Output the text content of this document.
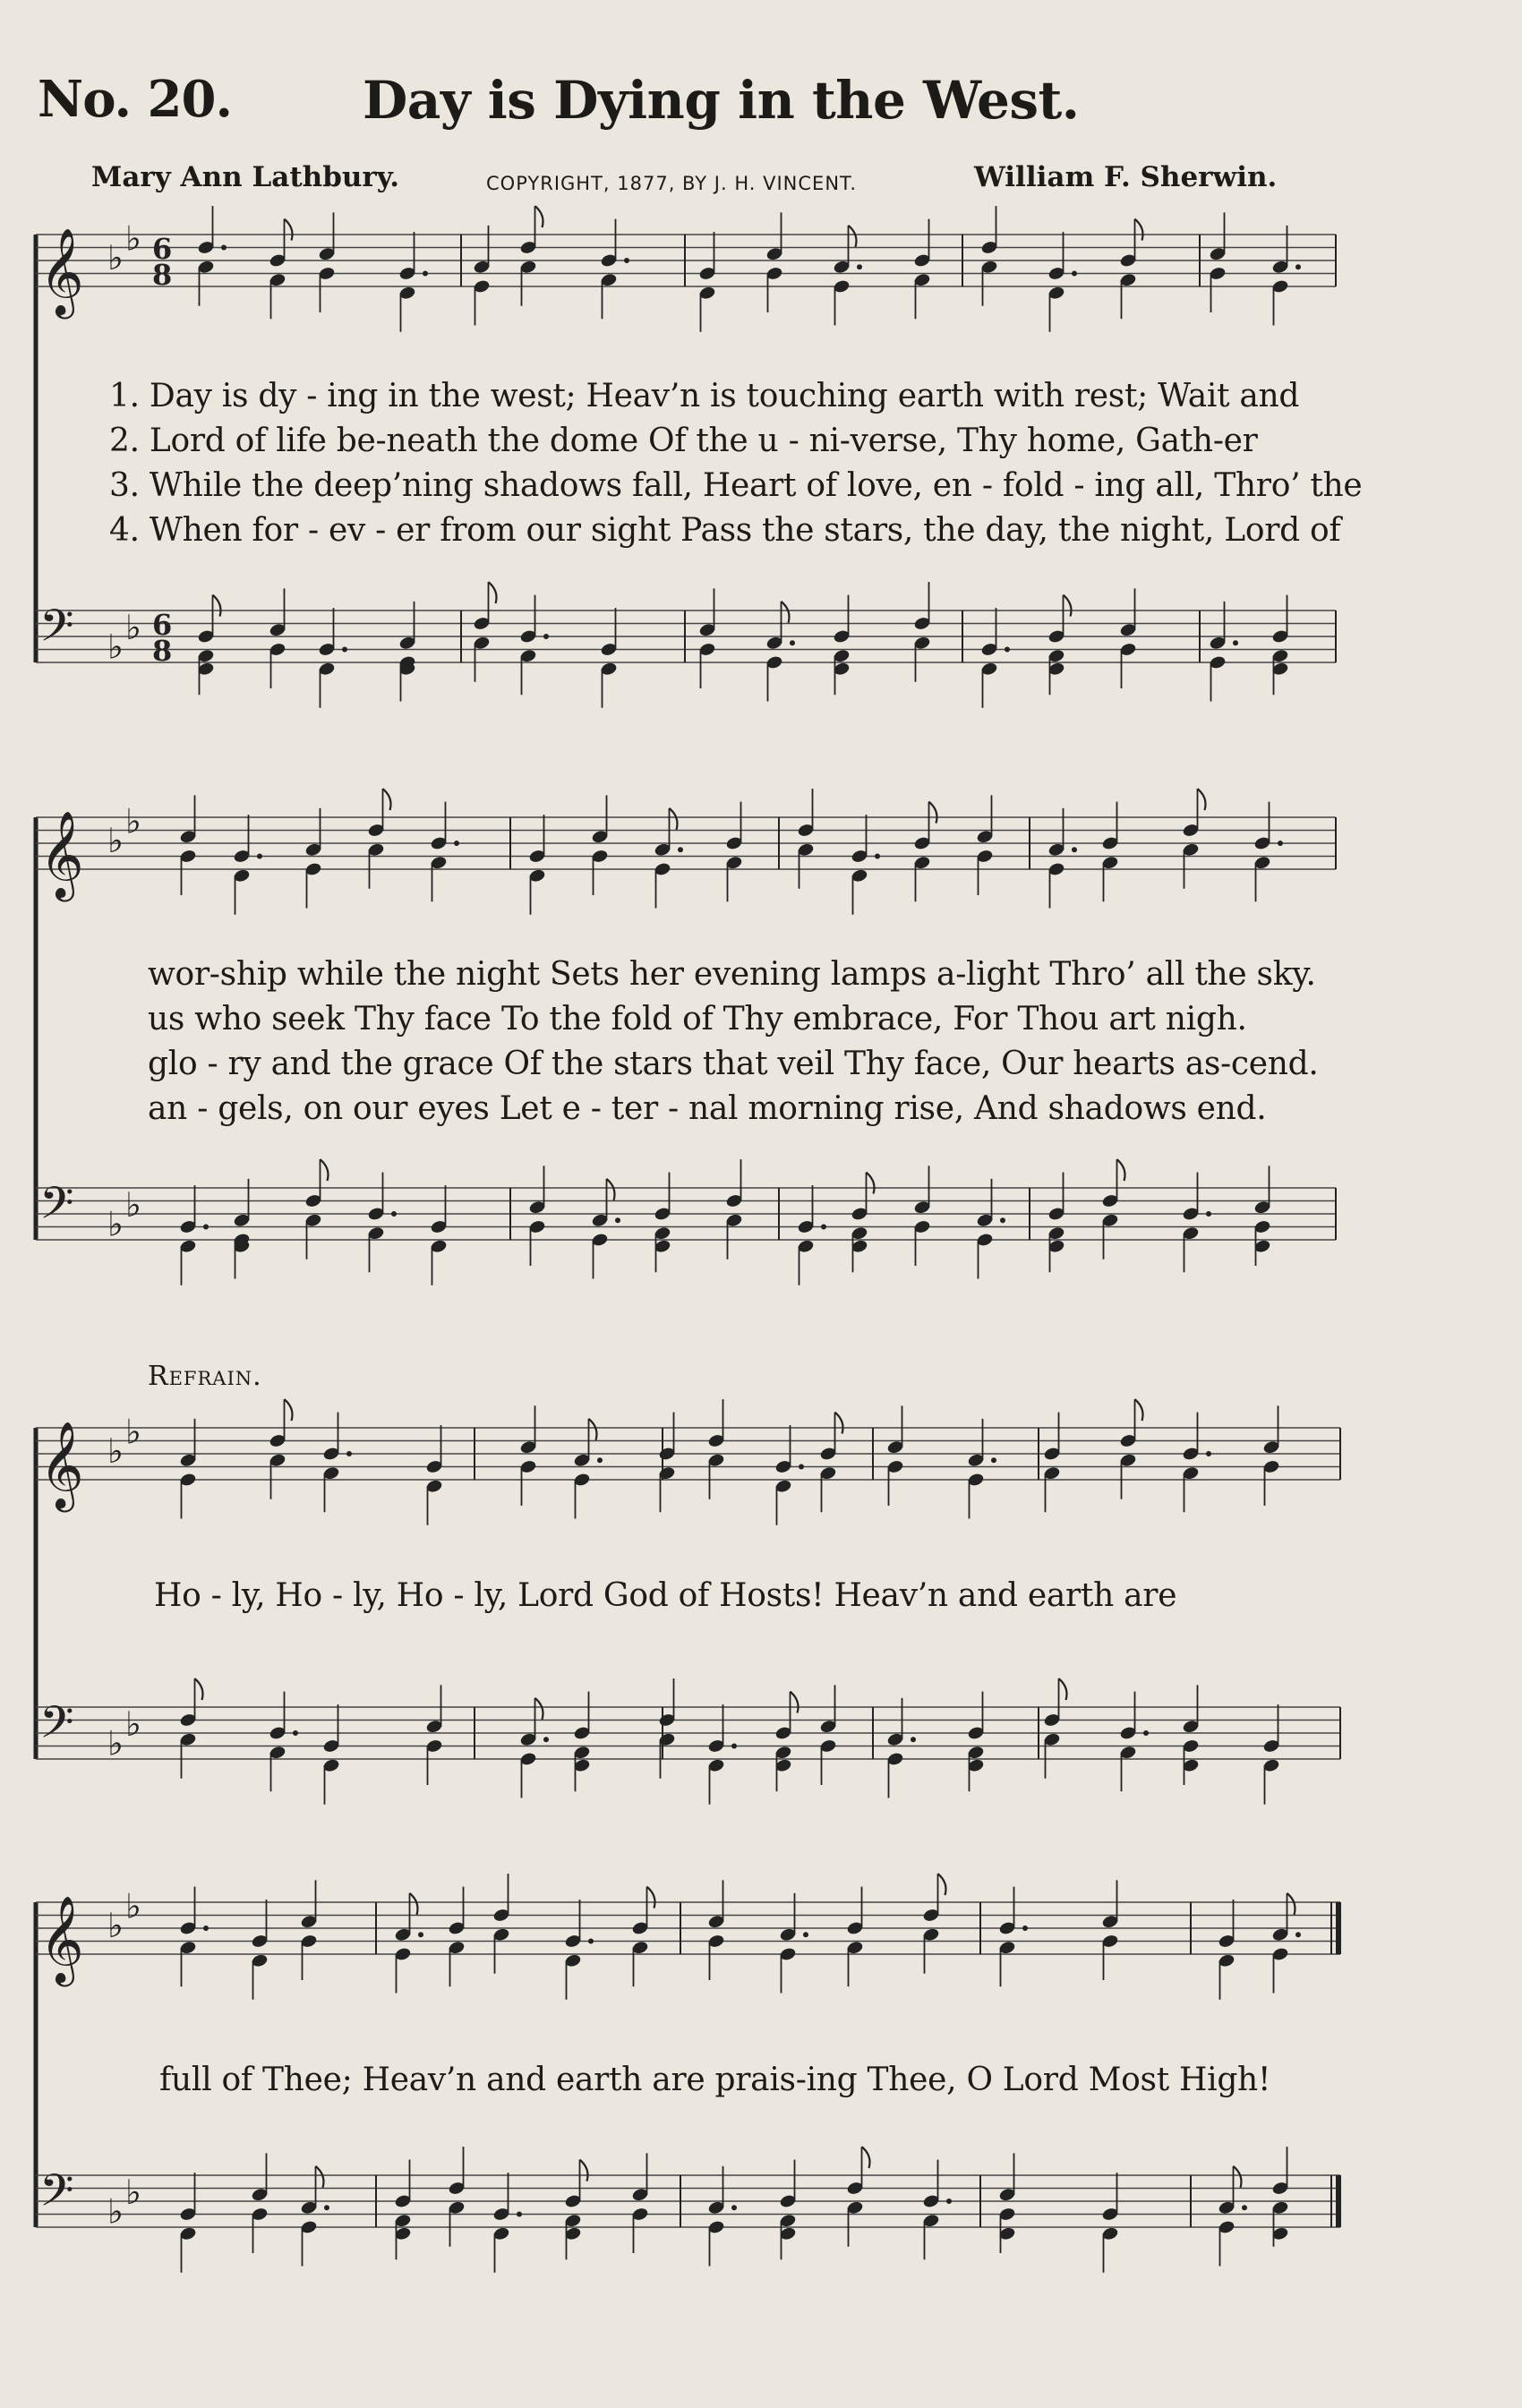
No. 20.	Day is Dying in the West.
Mary Ann Lathbury.	COPYRIGHT, 1877, BY J. H. VINCENT.	William F. Sherwin.
1. Day is dy - ing in the west; Heav’n is touching earth with rest; Wait and
2. Lord of life be-neath the dome Of the u - ni-verse, Thy home, Gath-er
3. While the deep’ning shadows fall, Heart of love, en - fold - ing all, Thro’ the
4. When for - ev - er from our sight Pass the stars, the day, the night, Lord of
wor-ship while the night Sets her evening lamps a-light Thro’ all the sky.
us who seek Thy face To the fold of Thy embrace, For Thou art nigh.
glo - ry and the grace Of the stars that veil Thy face, Our hearts as-cend.
an - gels, on our eyes Let e - ter - nal morning rise, And shadows end.
Refrain.
Ho - ly, Ho - ly, Ho - ly, Lord God of Hosts! Heav’n and earth are
full of Thee; Heav’n and earth are prais-ing Thee, O Lord Most High!
𝄞 ♭ ♭ 6
8
𝄢 ♭ ♭ 6
8
𝄞 ♭ ♭
𝄢 ♭ ♭
𝄞 ♭ ♭
𝄢 ♭ ♭
𝄞 ♭ ♭
𝄢 ♭ ♭
